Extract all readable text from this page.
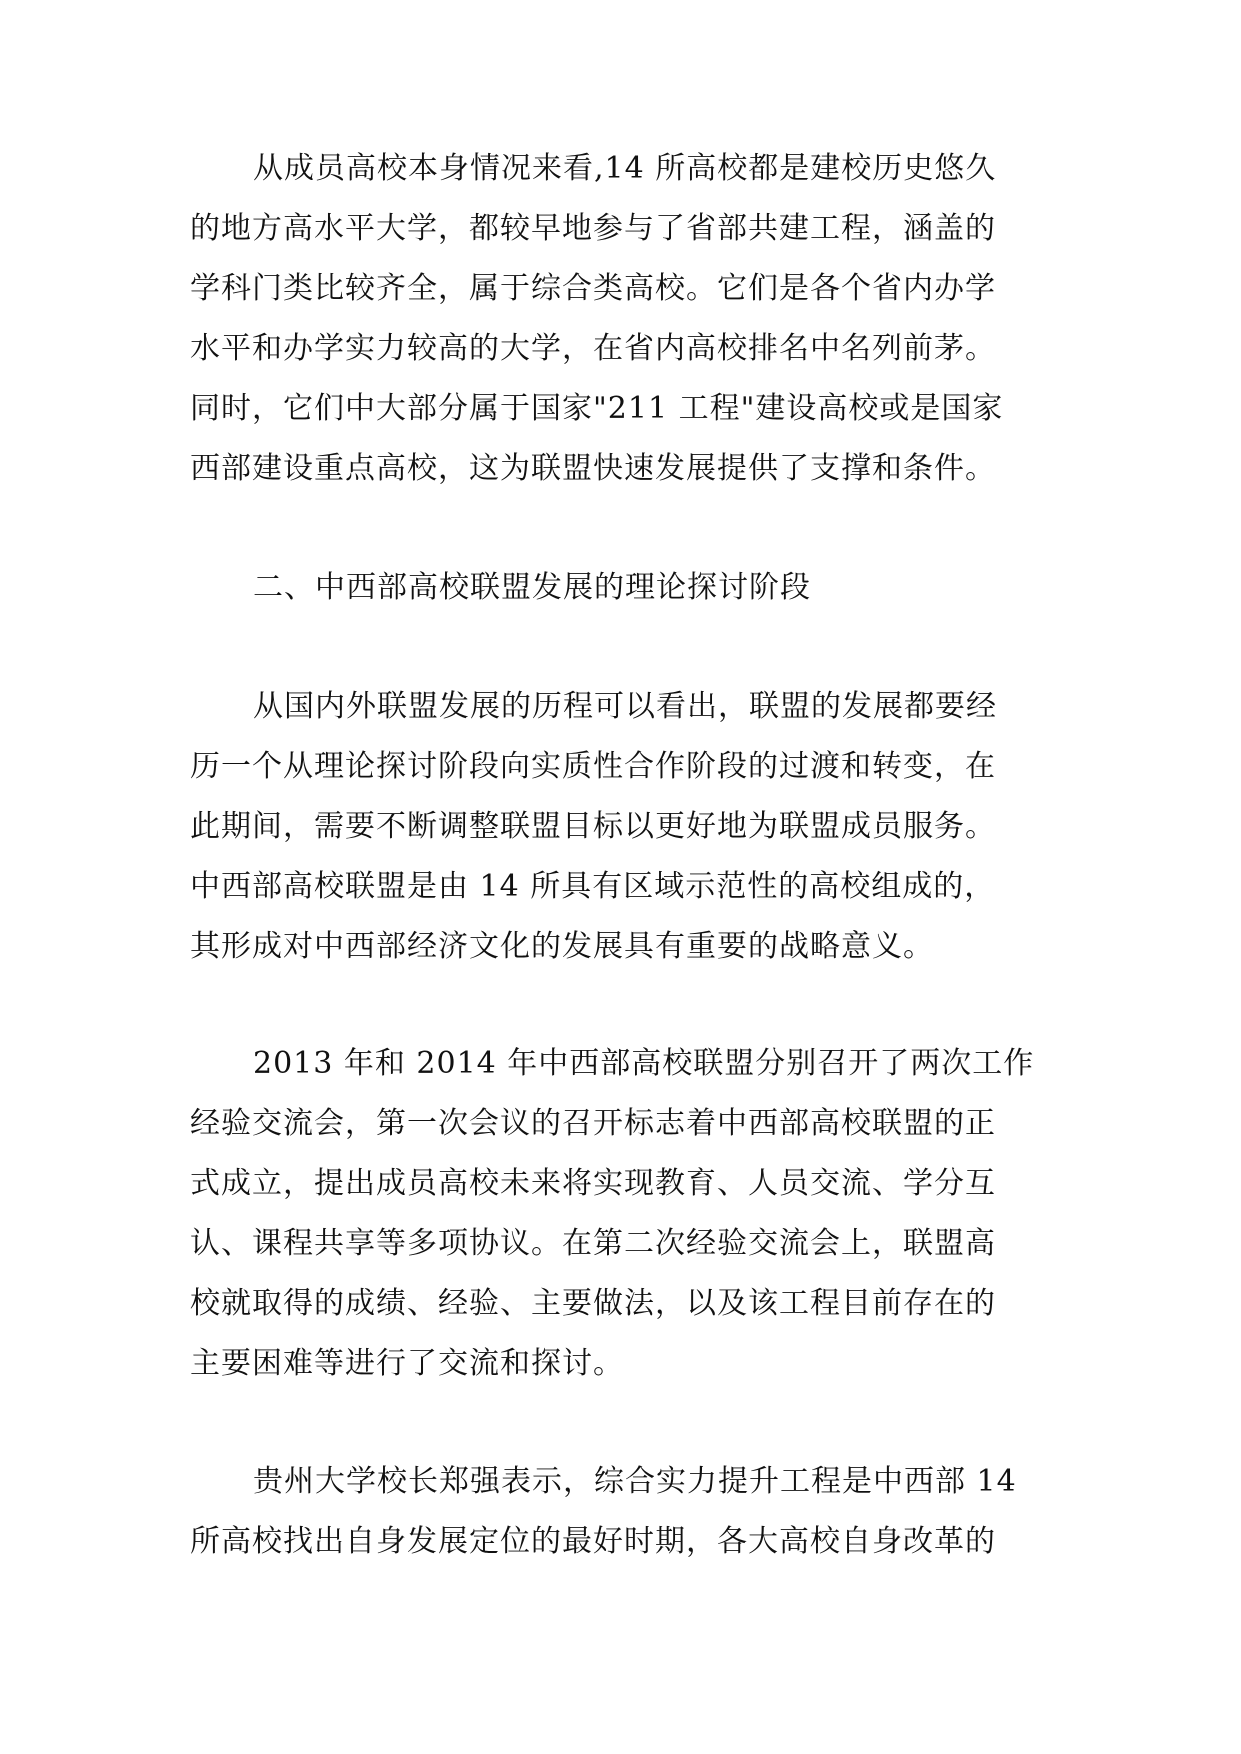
从成员高校本身情况来看,14 所高校都是建校历史悠久

的地方高水平大学，都较早地参与了省部共建工程，涵盖的

学科门类比较齐全，属于综合类高校。它们是各个省内办学

水平和办学实力较高的大学，在省内高校排名中名列前茅。

同时，它们中大部分属于国家"211 工程"建设高校或是国家

西部建设重点高校，这为联盟快速发展提供了支撑和条件。

二、中西部高校联盟发展的理论探讨阶段

从国内外联盟发展的历程可以看出，联盟的发展都要经

历一个从理论探讨阶段向实质性合作阶段的过渡和转变，在

此期间，需要不断调整联盟目标以更好地为联盟成员服务。

中西部高校联盟是由 14 所具有区域示范性的高校组成的，

其形成对中西部经济文化的发展具有重要的战略意义。

2013 年和 2014 年中西部高校联盟分别召开了两次工作

经验交流会，第一次会议的召开标志着中西部高校联盟的正

式成立，提出成员高校未来将实现教育、人员交流、学分互

认、课程共享等多项协议。在第二次经验交流会上，联盟高

校就取得的成绩、经验、主要做法，以及该工程目前存在的

主要困难等进行了交流和探讨。

贵州大学校长郑强表示，综合实力提升工程是中西部 14

所高校找出自身发展定位的最好时期，各大高校自身改革的
